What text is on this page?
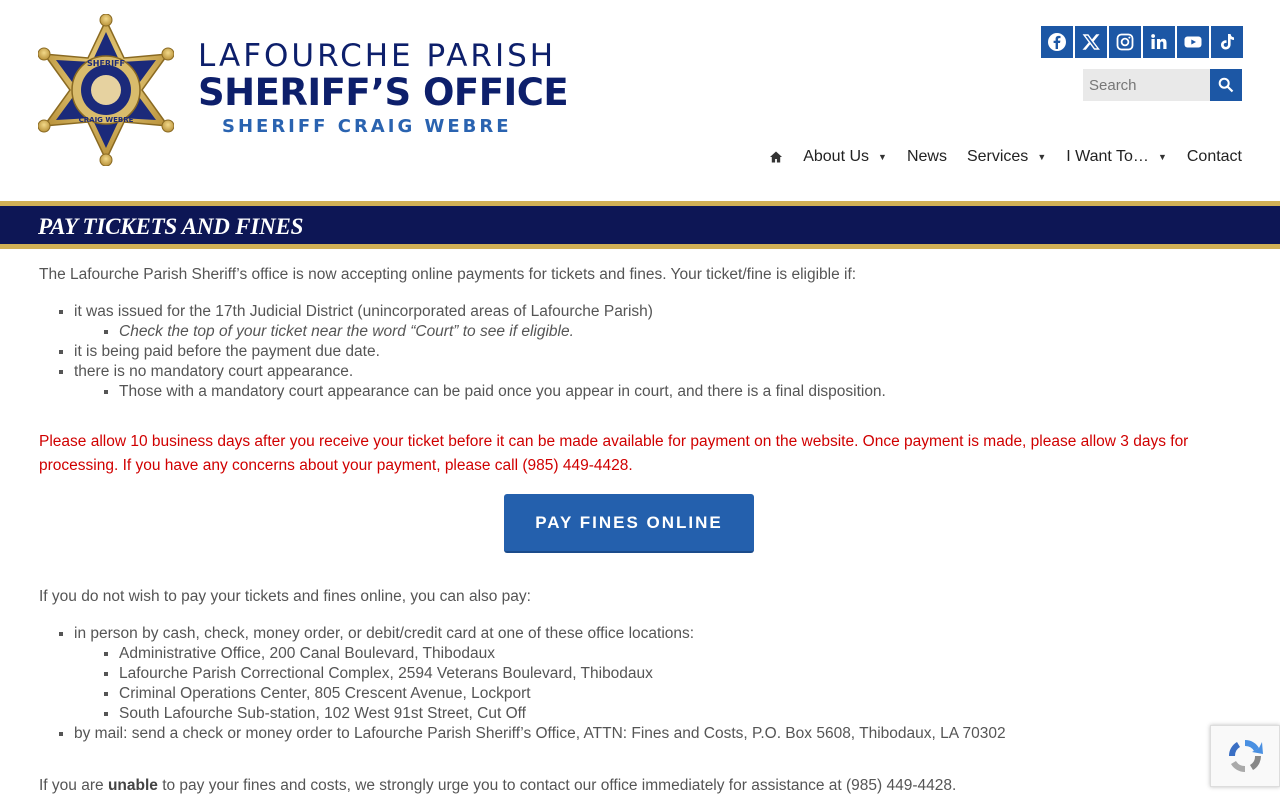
SHERIFF
CRAIG WEBRE
LAFOURCHE PARISH
SHERIFF’S OFFICE
SHERIFF CRAIG WEBRE
Search
About Us ▼ News Services ▼ I Want To… ▼ Contact
PAY TICKETS AND FINES

The Lafourche Parish Sheriff’s office is now accepting online payments for tickets and fines. Your ticket/fine is eligible if:

▪ it was issued for the 17th Judicial District (unincorporated areas of Lafourche Parish)
▪ Check the top of your ticket near the word “Court” to see if eligible.
▪ it is being paid before the payment due date.
▪ there is no mandatory court appearance.
▪ Those with a mandatory court appearance can be paid once you appear in court, and there is a final disposition.

Please allow 10 business days after you receive your ticket before it can be made available for payment on the website. Once payment is made, please allow 3 days for processing. If you have any concerns about your payment, please call (985) 449-4428.

PAY FINES ONLINE

If you do not wish to pay your tickets and fines online, you can also pay:

▪ in person by cash, check, money order, or debit/credit card at one of these office locations:
▪ Administrative Office, 200 Canal Boulevard, Thibodaux
▪ Lafourche Parish Correctional Complex, 2594 Veterans Boulevard, Thibodaux
▪ Criminal Operations Center, 805 Crescent Avenue, Lockport
▪ South Lafourche Sub-station, 102 West 91st Street, Cut Off
▪ by mail: send a check or money order to Lafourche Parish Sheriff’s Office, ATTN: Fines and Costs, P.O. Box 5608, Thibodaux, LA 70302

If you are unable to pay your fines and costs, we strongly urge you to contact our office immediately for assistance at (985) 449-4428.
